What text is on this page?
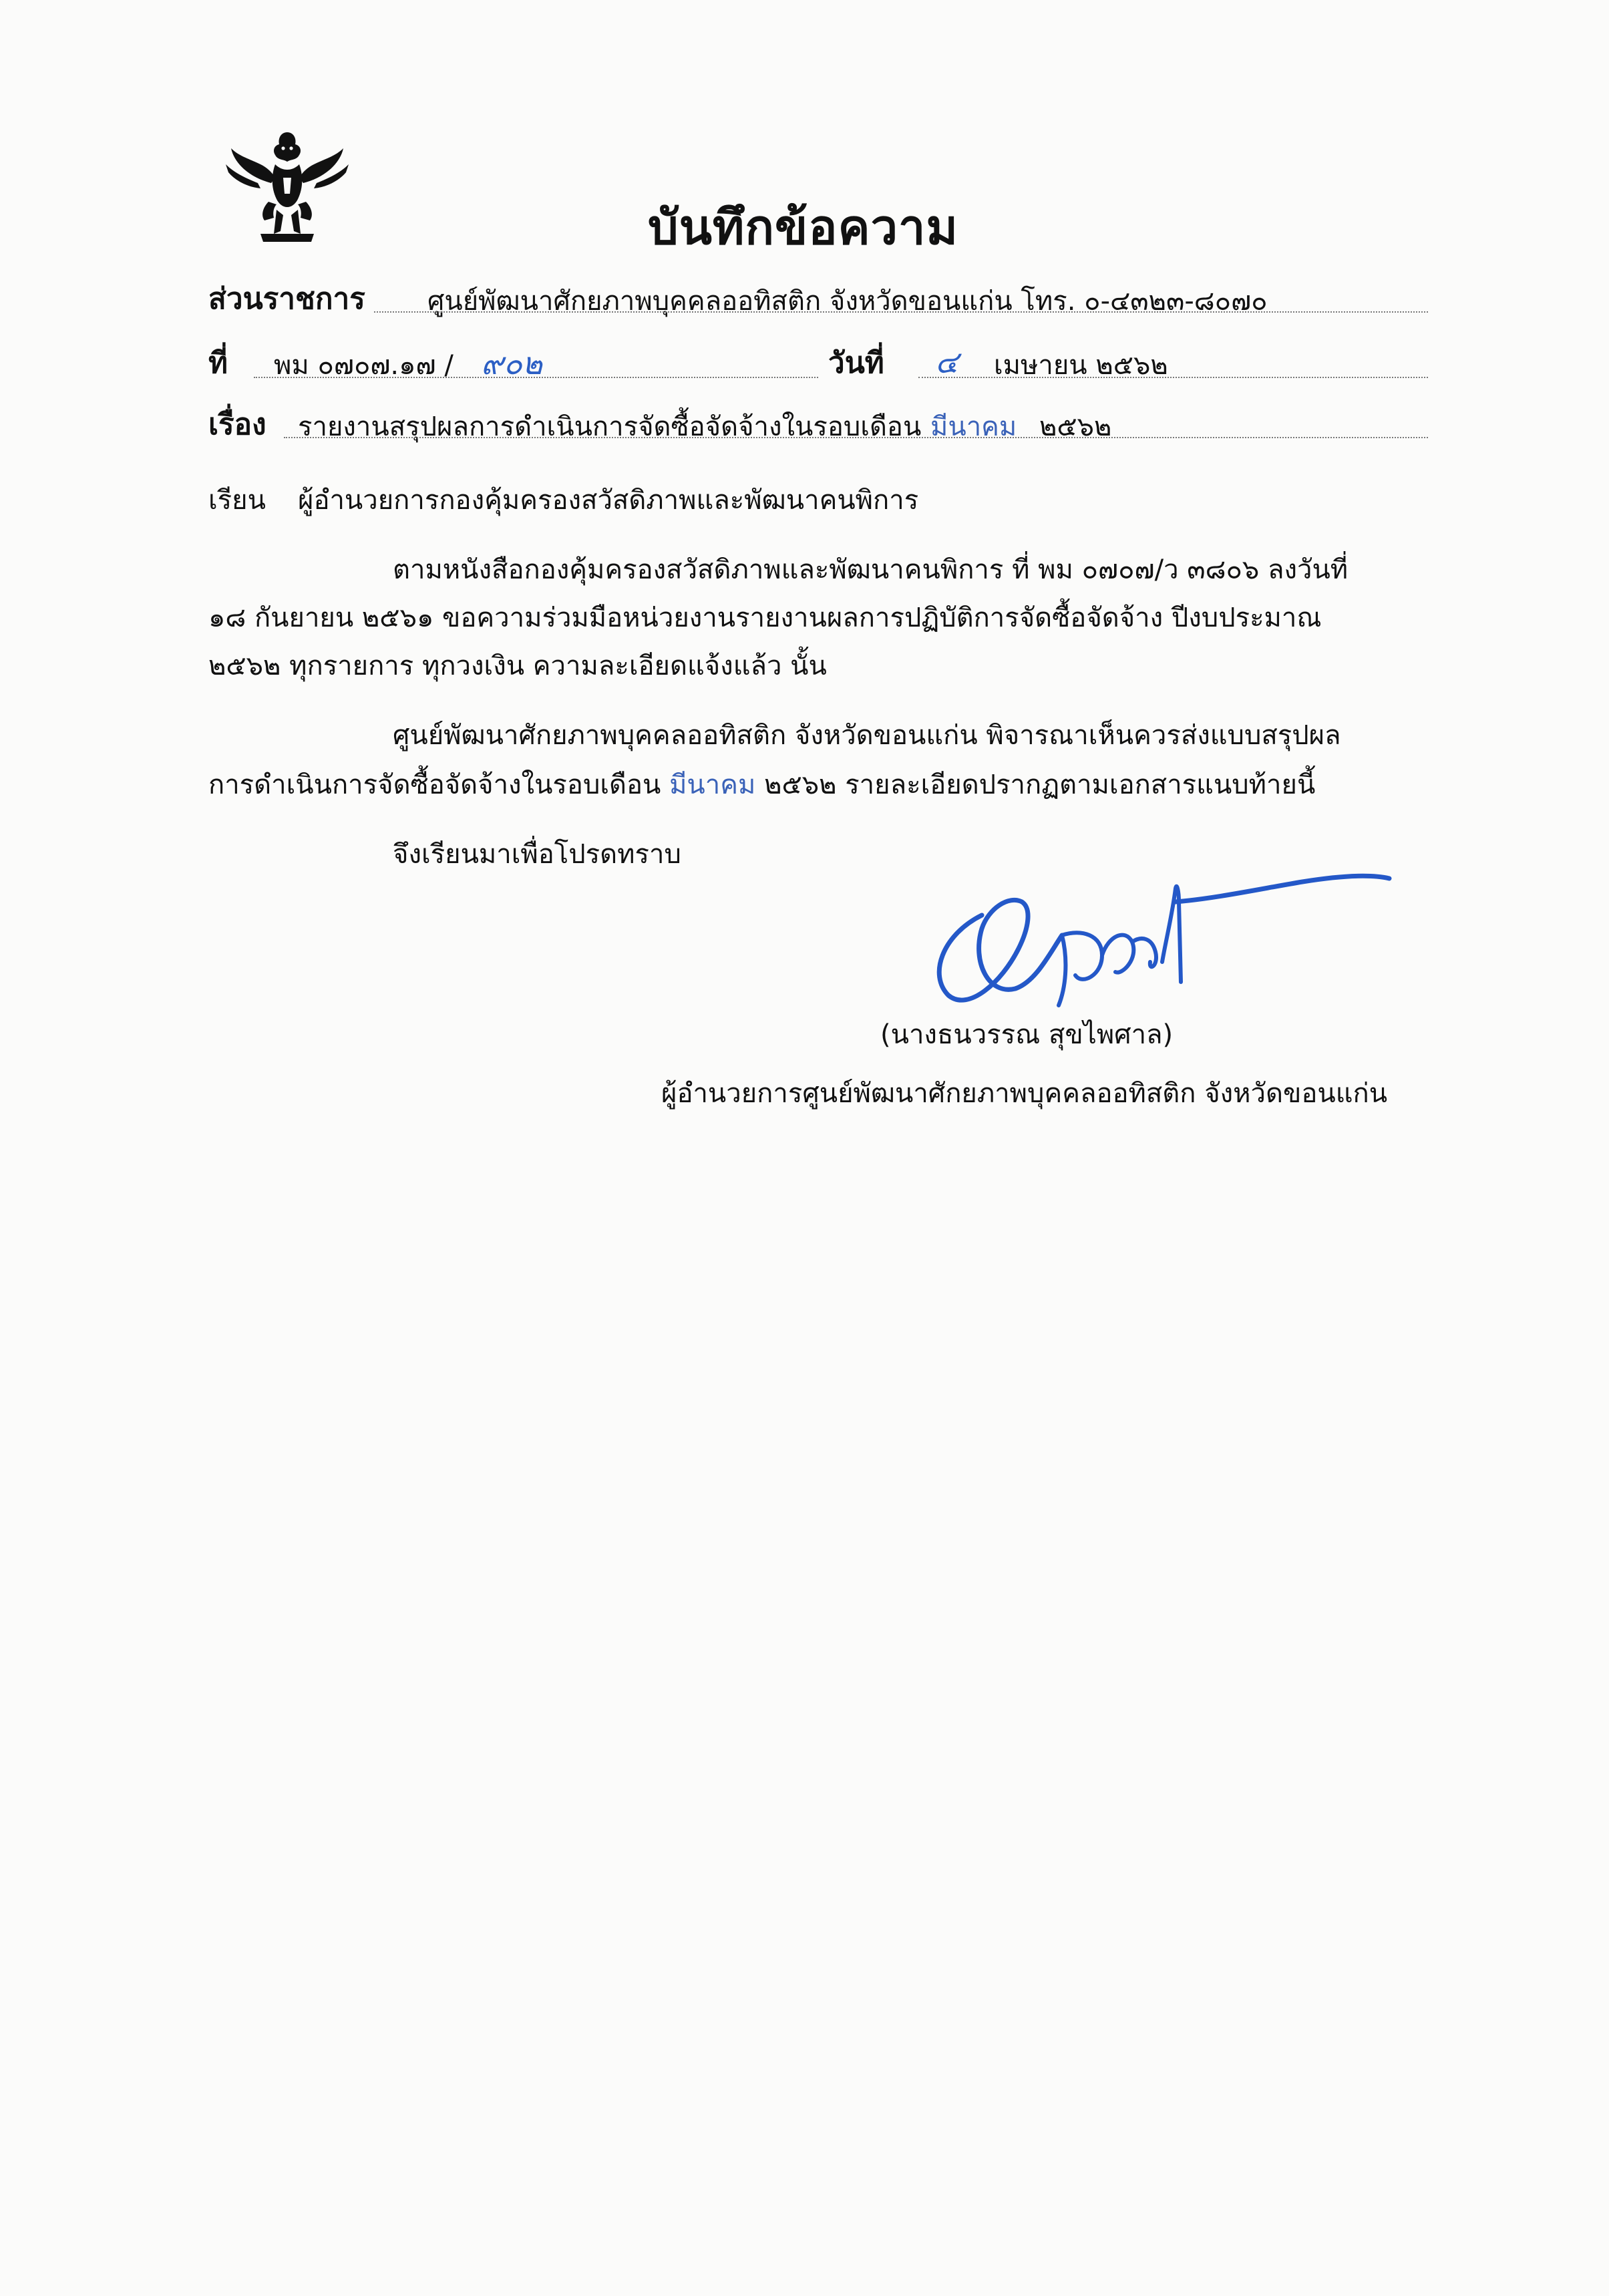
บันทึกข้อความ
ส่วนราชการ ศูนย์พัฒนาศักยภาพบุคคลออทิสติก จังหวัดขอนแก่น โทร. ๐-๔๓๒๓-๘๐๗๐
ที่ พม ๐๗๐๗.๑๗ / ๙๐๒	วันที่ ๔ เมษายน ๒๕๖๒
เรื่อง รายงานสรุปผลการดำเนินการจัดซื้อจัดจ้างในรอบเดือน มีนาคม ๒๕๖๒
เรียน ผู้อำนวยการกองคุ้มครองสวัสดิภาพและพัฒนาคนพิการ
ตามหนังสือกองคุ้มครองสวัสดิภาพและพัฒนาคนพิการ ที่ พม ๐๗๐๗/ว ๓๘๐๖ ลงวันที่
๑๘ กันยายน ๒๕๖๑ ขอความร่วมมือหน่วยงานรายงานผลการปฏิบัติการจัดซื้อจัดจ้าง ปีงบประมาณ
๒๕๖๒ ทุกรายการ ทุกวงเงิน ความละเอียดแจ้งแล้ว นั้น
ศูนย์พัฒนาศักยภาพบุคคลออทิสติก จังหวัดขอนแก่น พิจารณาเห็นควรส่งแบบสรุปผล
การดำเนินการจัดซื้อจัดจ้างในรอบเดือน มีนาคม ๒๕๖๒ รายละเอียดปรากฏตามเอกสารแนบท้ายนี้
จึงเรียนมาเพื่อโปรดทราบ
(นางธนวรรณ สุขไพศาล)
ผู้อำนวยการศูนย์พัฒนาศักยภาพบุคคลออทิสติก จังหวัดขอนแก่น
